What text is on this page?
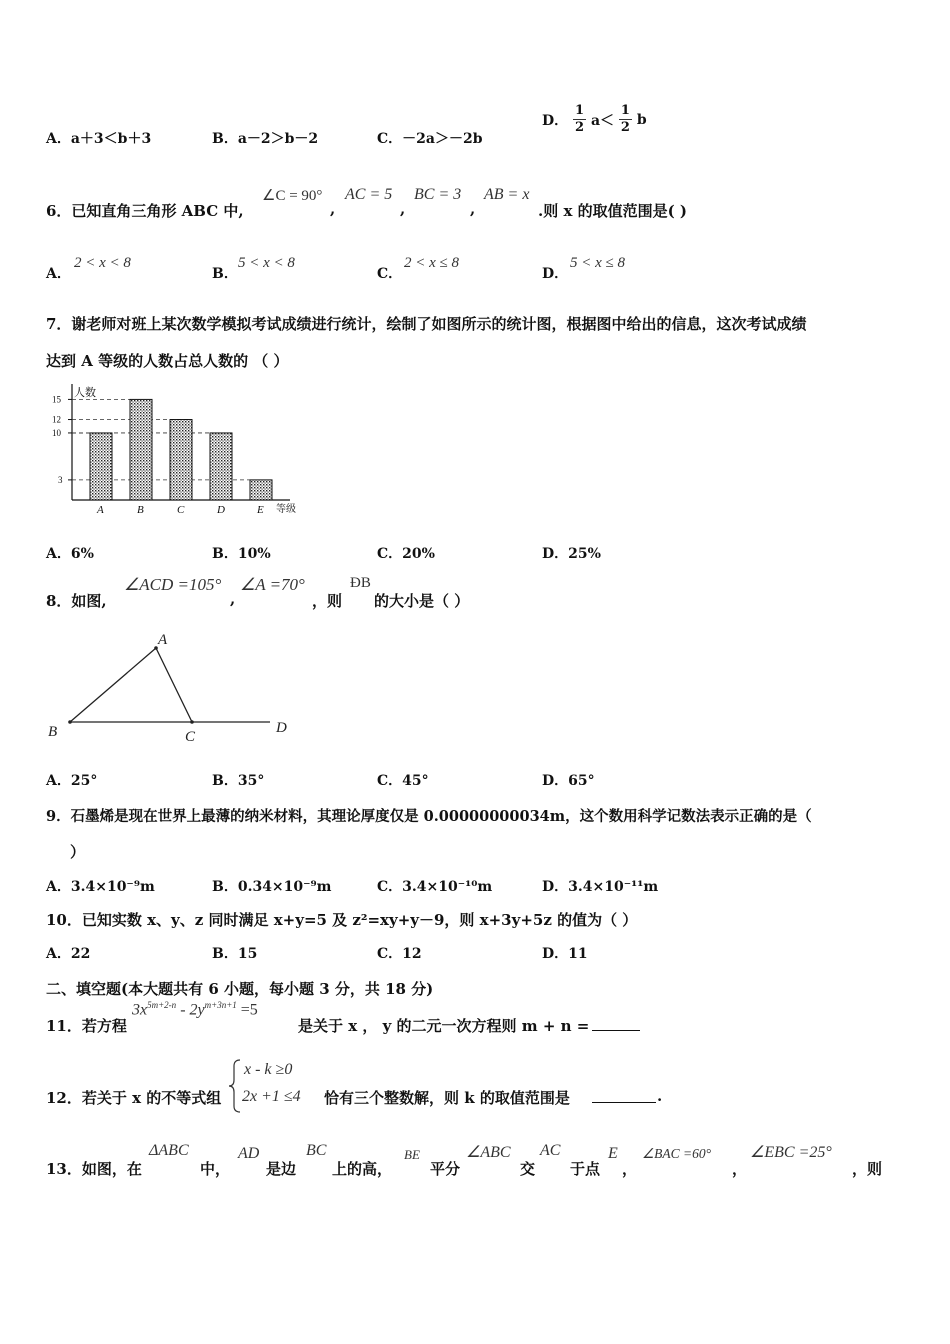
A．a＋3＜b＋3	B．a－2＞b－2	C．－2a＞－2b
D． $\frac{1}{2} a< \frac{1}{2}$ b
6．已知直角三角形 ABC 中,
∠C = 90°
,
AC = 5
,
BC = 3
,
AB = x
.则 x 的取值范围是( )
A．
2 < x < 8
B．
5 < x < 8
C．
2 < x ≤ 8
D．
5 < x ≤ 8
7．谢老师对班上某次数学模拟考试成绩进行统计，绘制了如图所示的统计图，根据图中给出的信息，这次考试成绩
达到 A 等级的人数占总人数的 （ ）
人数
等级
3
10
12
15
A	B	C	D	E
A．6%	B．10%	C．20%	D．25%
8．如图,
∠ACD =105°
,
∠A =70°
，则
ÐB
的大小是（ ）
A
B	C
D
A．25°	B．35°	C．45°	D．65°
9．石墨烯是现在世界上最薄的纳米材料，其理论厚度仅是 0.00000000034m，这个数用科学记数法表示正确的是（
）
A．3.4×10⁻⁹m	B．0.34×10⁻⁹m	C．3.4×10⁻¹⁰m	D．3.4×10⁻¹¹m
10．已知实数 x、y、z 同时满足 x+y=5 及 z²=xy+y－9，则 x+3y+5z 的值为（ ）
A．22	B．15	C．12	D．11
二、填空题(本大题共有 6 小题，每小题 3 分，共 18 分)
11．若方程
$3x^{5m+2-n} - 2y^{m+3n+1} =5$
是关于 x ， y 的二元一次方程则 m + n =
12．若关于 x 的不等式组
x - k ≥0
2x +1 ≤4 恰有三个整数解，则 k 的取值范围是	.
13．如图，在
ΔABC
中，
AD
是边
BC
上的高，
BE
平分
∠ABC
交
AC
于点
E
，
∠BAC =60°
，
∠EBC =25°
，则
